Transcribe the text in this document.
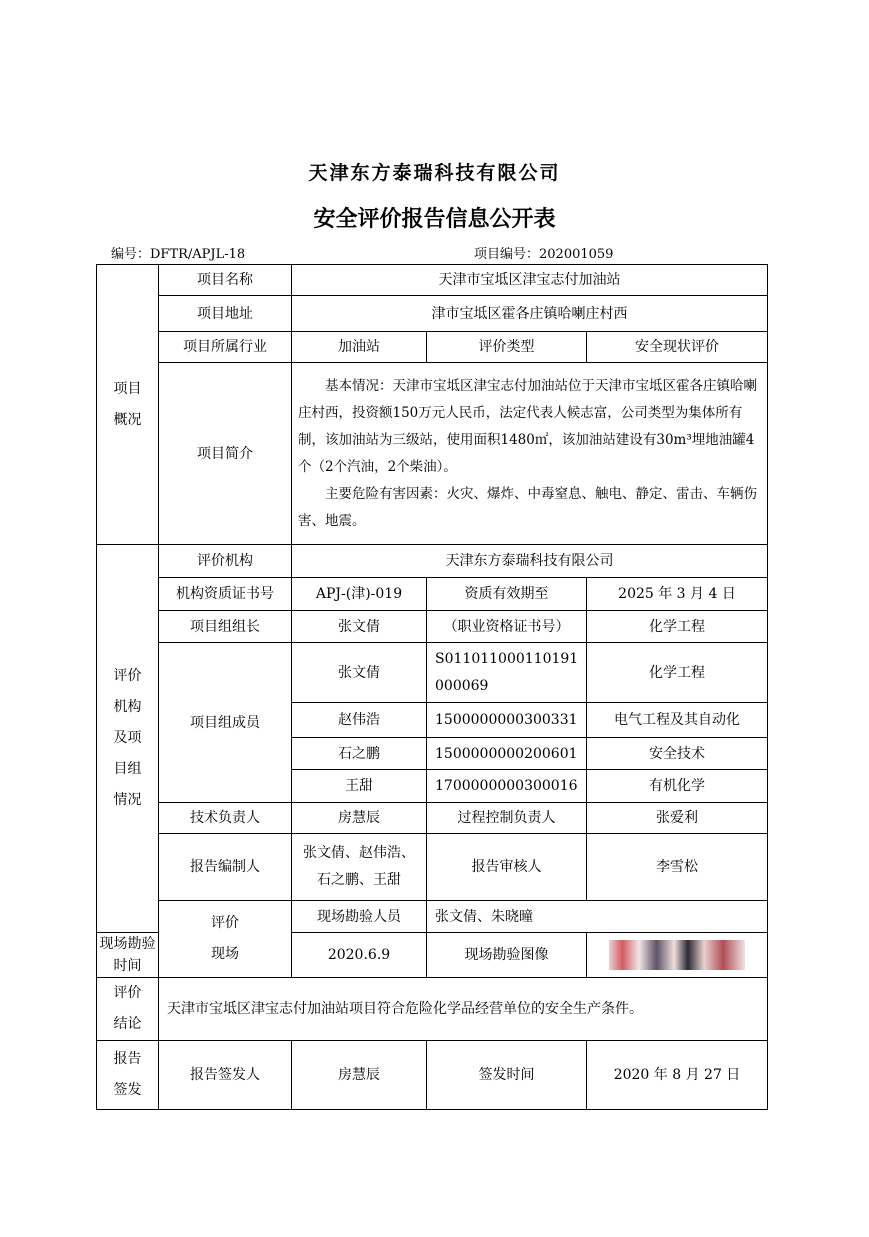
天津东方泰瑞科技有限公司
安全评价报告信息公开表
编号：DFTR/APJL-18	项目编号：202001059
项目
概况	项目名称	天津市宝坻区津宝志付加油站		
	项目地址	津市宝坻区霍各庄镇哈喇庄村西		
	项目所属行业	加油站	评价类型	安全现状评价
	项目简介	基本情况：天津市宝坻区津宝志付加油站位于天津市宝坻区霍各庄镇哈喇庄村西，投资额150万元人民币，法定代表人候志富，公司类型为集体所有制，该加油站为三级站，使用面积1480㎡，该加油站建设有30m³埋地油罐4个（2个汽油，2个柴油）。

主要危险有害因素：火灾、爆炸、中毒窒息、触电、静定、雷击、车辆伤害、地震。		

评价
机构
及项
目组
情况	评价机构	天津东方泰瑞科技有限公司		
	机构资质证书号	APJ-(津)-019	资质有效期至	2025 年 3 月 4 日
	项目组组长	张文倩	（职业资格证书号）	化学工程
	项目组成员	张文倩	S011011000110191
000069	化学工程
		赵伟浩	1500000000300331	电气工程及其自动化
		石之鹏	1500000000200601	安全技术
		王甜	1700000000300016	有机化学
	技术负责人	房慧辰	过程控制负责人	张爱利
	报告编制人	张文倩、赵伟浩、
石之鹏、王甜	报告审核人	李雪松
	评价
现场	现场勘验人员	张文倩、朱晓曈	
现场勘验时间		2020.6.9	现场勘验图像	
评价
结论	天津市宝坻区津宝志付加油站项目符合危险化学品经营单位的安全生产条件。			
报告
签发	报告签发人	房慧辰	签发时间	2020 年 8 月 27 日
